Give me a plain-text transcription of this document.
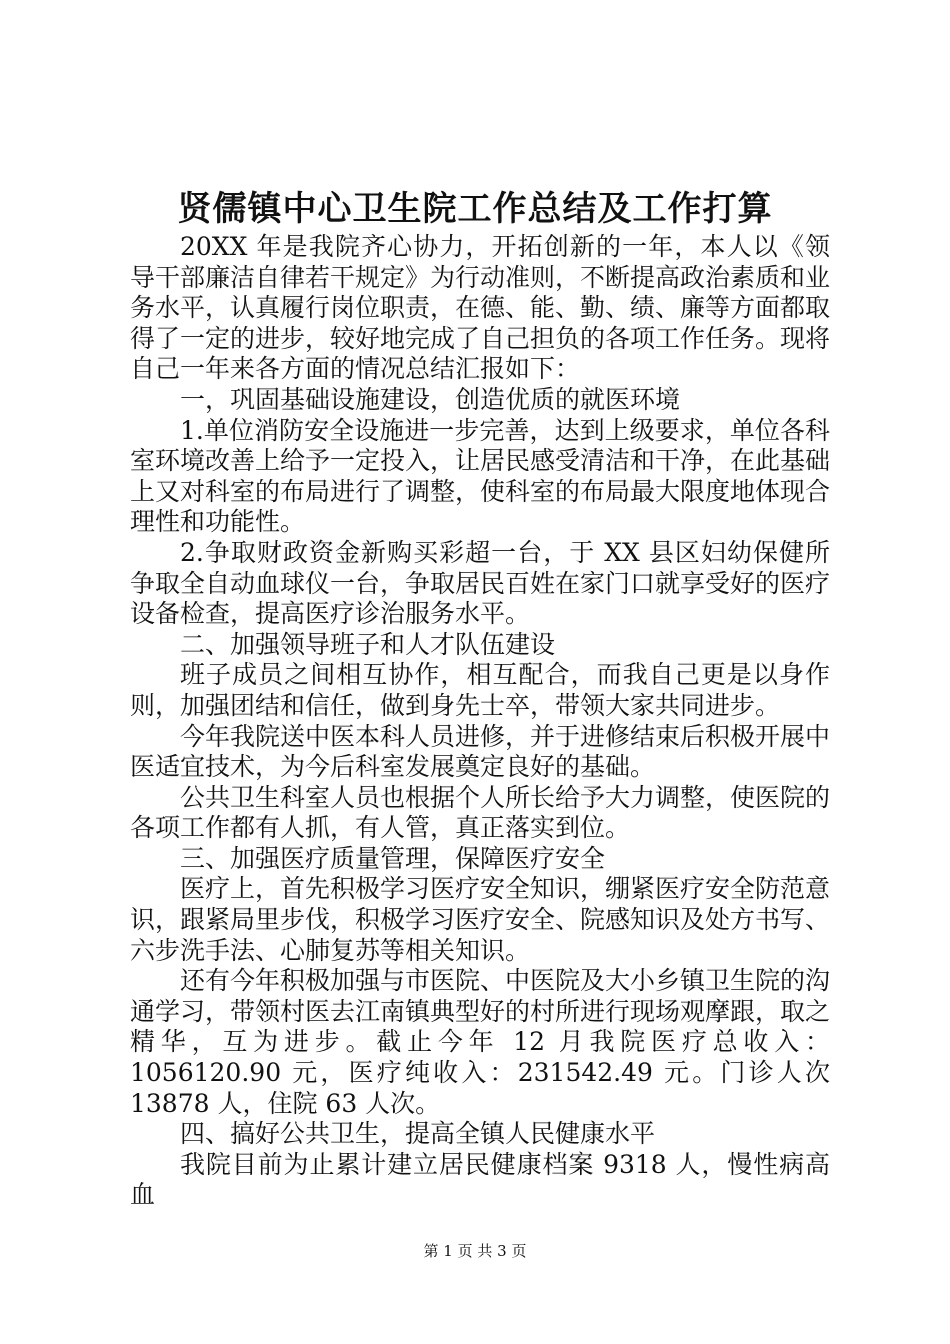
贤儒镇中心卫生院工作总结及工作打算

20XX 年是我院齐心协力，开拓创新的一年，本人以《领导干部廉洁自律若干规定》为行动准则，不断提高政治素质和业务水平，认真履行岗位职责，在德、能、勤、绩、廉等方面都取得了一定的进步，较好地完成了自己担负的各项工作任务。现将自己一年来各方面的情况总结汇报如下：

一，巩固基础设施建设，创造优质的就医环境

1.单位消防安全设施进一步完善，达到上级要求，单位各科室环境改善上给予一定投入，让居民感受清洁和干净，在此基础上又对科室的布局进行了调整，使科室的布局最大限度地体现合理性和功能性。

2.争取财政资金新购买彩超一台，于 XX 县区妇幼保健所争取全自动血球仪一台，争取居民百姓在家门口就享受好的医疗设备检查，提高医疗诊治服务水平。

二、加强领导班子和人才队伍建设

班子成员之间相互协作，相互配合，而我自己更是以身作则，加强团结和信任，做到身先士卒，带领大家共同进步。

今年我院送中医本科人员进修，并于进修结束后积极开展中医适宜技术，为今后科室发展奠定良好的基础。

公共卫生科室人员也根据个人所长给予大力调整，使医院的各项工作都有人抓，有人管，真正落实到位。

三、加强医疗质量管理，保障医疗安全

医疗上，首先积极学习医疗安全知识，绷紧医疗安全防范意识，跟紧局里步伐，积极学习医疗安全、院感知识及处方书写、六步洗手法、心肺复苏等相关知识。

还有今年积极加强与市医院、中医院及大小乡镇卫生院的沟通学习，带领村医去江南镇典型好的村所进行现场观摩跟，取之精华，互为进步。截止今年 12 月我院医疗总收入：1056120.90 元，医疗纯收入：231542.49 元。门诊人次 13878 人，住院 63 人次。

四、搞好公共卫生，提高全镇人民健康水平

我院目前为止累计建立居民健康档案 9318 人，慢性病高血

第 1 页 共 3 页
